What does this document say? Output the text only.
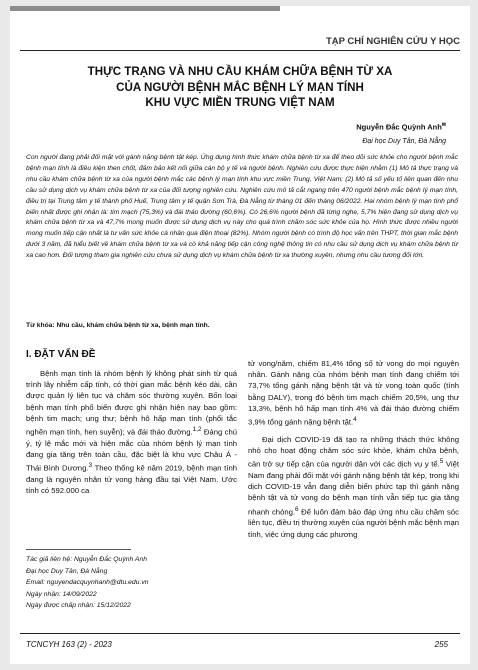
TẠP CHÍ NGHIÊN CỨU Y HỌC
THỰC TRẠNG VÀ NHU CẦU KHÁM CHỮA BỆNH TỪ XA
CỦA NGƯỜI BỆNH MẮC BỆNH LÝ MẠN TÍNH
KHU VỰC MIỀN TRUNG VIỆT NAM
Nguyễn Đắc Quỳnh Anh✉
Đại học Duy Tân, Đà Nẵng

Con người đang phải đối mặt với gánh nặng bệnh tật kép. Ứng dụng hình thức khám chữa bệnh từ xa để theo dõi sức khỏe cho người bệnh mắc bệnh mạn tính là điều kiện then chốt, đảm bảo kết nối giữa cán bộ y tế và người bệnh. Nghiên cứu được thực hiện nhằm (1) Mô tả thực trạng và nhu cầu khám chữa bệnh từ xa của người bệnh mắc các bệnh lý mạn tính khu vực miền Trung, Việt Nam; (2) Mô tả số yếu tố liên quan đến nhu cầu sử dụng dịch vụ khám chữa bệnh từ xa của đối tượng nghiên cứu. Nghiên cứu mô tả cắt ngang trên 470 người bệnh mắc bệnh lý mạn tính, điều trị tại Trung tâm y tế thành phố Huế, Trung tâm y tế quận Sơn Trà, Đà Nẵng từ tháng 01 đến tháng 06/2022. Hai nhóm bệnh lý mạn tính phổ biến nhất được ghi nhận là: tim mạch (75,3%) và đái tháo đường (60,6%). Có 26,6% người bệnh đã từng nghe, 5,7% hiện đang sử dụng dịch vụ khám chữa bệnh từ xa và 47,7% mong muốn được sử dụng dịch vụ này cho quá trình chăm sóc sức khỏe của họ. Hình thức được nhiều người mong muốn tiếp cận nhất là tư vấn sức khỏe cá nhân qua điện thoại (82%). Nhóm người bệnh có trình độ học vấn trên THPT, thời gian mắc bệnh dưới 3 năm, đã hiểu biết về khám chữa bệnh từ xa và có khả năng tiếp cận công nghệ thông tin có nhu cầu sử dụng dịch vụ khám chữa bệnh từ xa cao hơn. Đối tượng tham gia nghiên cứu chưa sử dụng dịch vụ khám chữa bệnh từ xa thường xuyên, nhưng nhu cầu tương đối lớn.

Từ khóa: Nhu cầu, khám chữa bệnh từ xa, bệnh mạn tính.
I. ĐẶT VẤN ĐỀ

Bệnh mạn tính là nhóm bệnh lý không phát sinh từ quá trình lây nhiễm cấp tính, có thời gian mắc bệnh kéo dài, cần được quản lý liên tục và chăm sóc thường xuyên. Bốn loại bệnh mạn tính phổ biến được ghi nhận hiện nay bao gồm: bệnh tim mạch; ung thư; bệnh hô hấp mạn tính (phổi tắc nghẽn mạn tính, hen suyễn); và đái tháo đường.$^{1,2}$ Đáng chú ý, tỷ lệ mắc mới và hiện mắc của nhóm bệnh lý mạn tính đang gia tăng trên toàn cầu, đặc biệt là khu vực Châu Á - Thái Bình Dương.$^3$ Theo thống kê năm 2019, bệnh mạn tính đang là nguyên nhân tử vong hàng đầu tại Việt Nam. Ước tính có 592.000 ca

tử vong/năm, chiếm 81,4% tổng số tử vong do mọi nguyên nhân. Gánh nặng của nhóm bệnh mạn tính đang chiếm tới 73,7% tổng gánh nặng bệnh tật và tử vong toàn quốc (tính bằng DALY), trong đó bệnh tim mạch chiếm 20,5%, ung thư 13,3%, bệnh hô hấp mạn tính 4% và đái tháo đường chiếm 3,9% tổng gánh nặng bệnh tật.$^4$

Đại dịch COVID-19 đã tạo ra những thách thức không nhỏ cho hoạt động chăm sóc sức khỏe, khám chữa bệnh, cản trở sự tiếp cận của người dân với các dịch vụ y tế.$^5$ Việt Nam đang phải đối mặt với gánh nặng bệnh tật kép, trong khi dịch COVID-19 vẫn đang diễn biến phức tạp thì gánh nặng bệnh tật và tử vong do bệnh mạn tính vẫn tiếp tục gia tăng nhanh chóng.$^6$ Để luôn đảm bảo đáp ứng nhu cầu chăm sóc liên tục, điều trị thường xuyên của người bệnh mắc bệnh mạn tính, việc ứng dụng các phương

Tác giả liên hệ: Nguyễn Đắc Quỳnh Anh
Đại học Duy Tân, Đà Nẵng
Email: nguyendacquynhanh@dtu.edu.vn
Ngày nhận: 14/09/2022
Ngày được chấp nhận: 15/12/2022
TCNCYH 163 (2) - 2023	255
